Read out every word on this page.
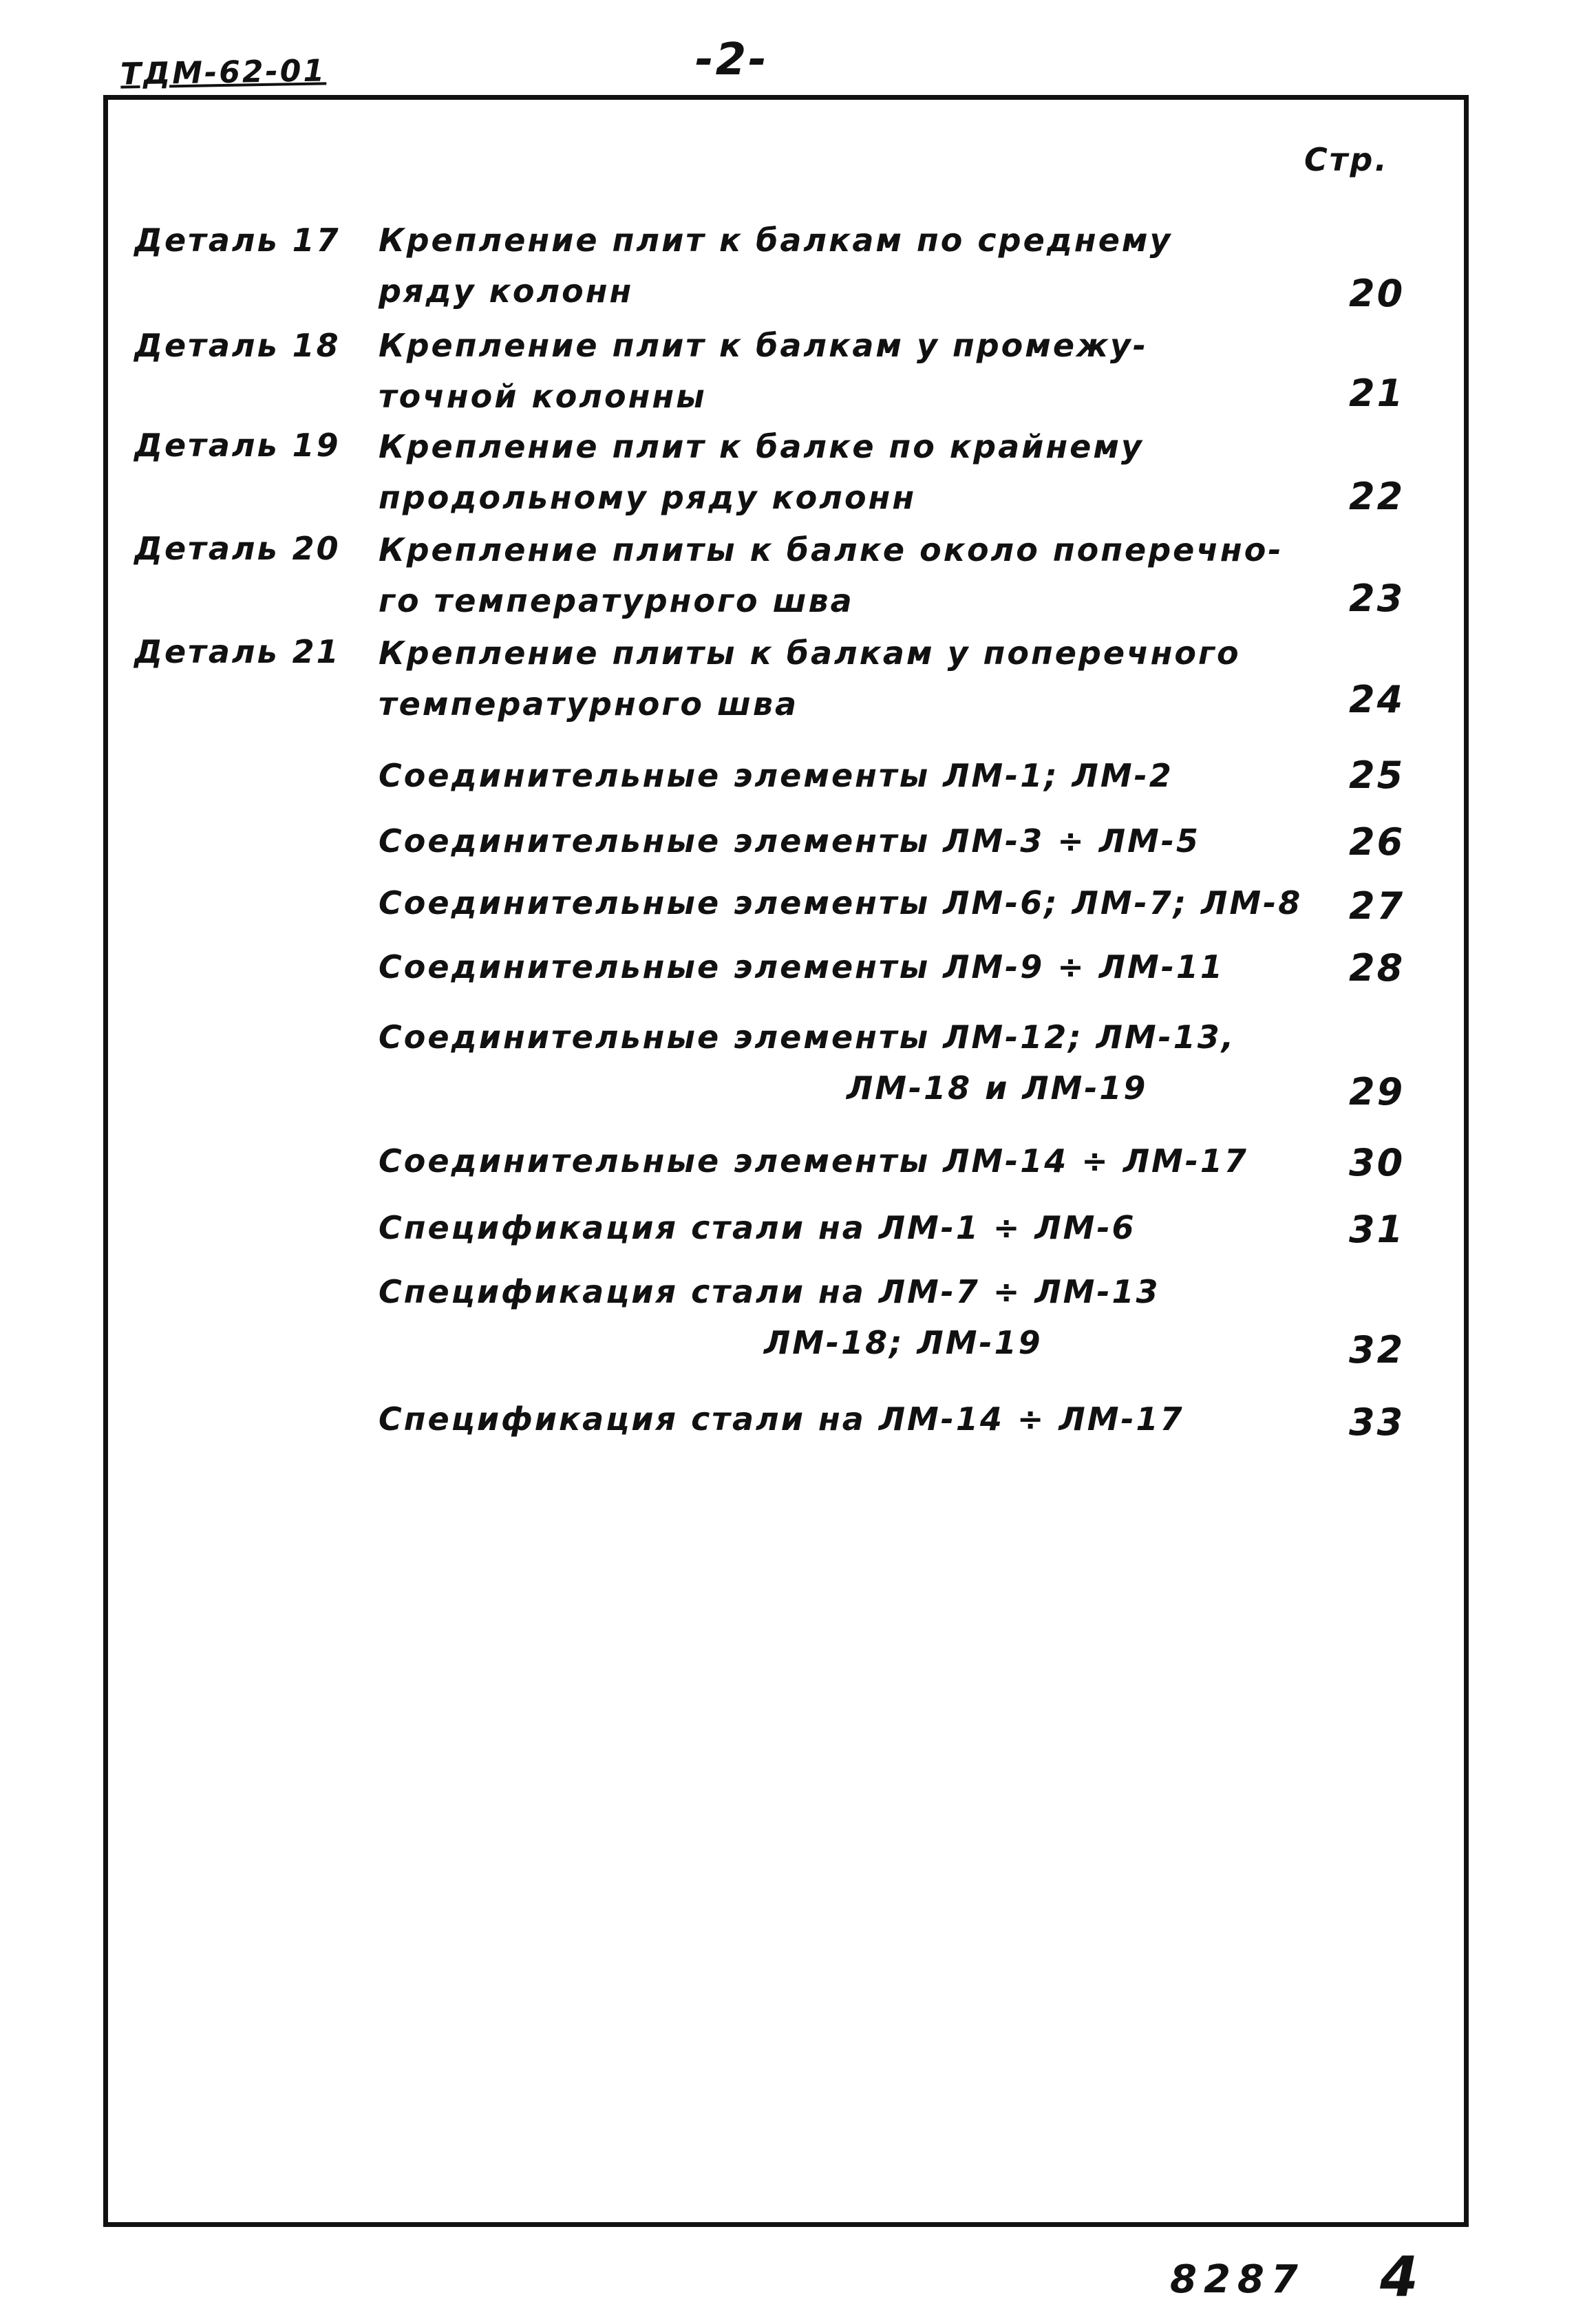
ТДМ-62-01	-2-
Стр.
Деталь 17 Крепление плит к балкам по среднему
ряду колонн	20
Деталь 18 Крепление плит к балкам у промежу-
точной колонны	21
Деталь 19 Крепление плит к балке по крайнему
продольному ряду колонн	22
Деталь 20 Крепление плиты к балке около поперечно-
го температурного шва	23
Деталь 21 Крепление плиты к балкам у поперечного
температурного шва	24
Соединительные элементы ЛМ-1; ЛМ-2	25
Соединительные элементы ЛМ-3 ÷ ЛМ-5	26
Соединительные элементы ЛМ-6; ЛМ-7; ЛМ-8 27
Соединительные элементы ЛМ-9 ÷ ЛМ-11	28
Соединительные элементы ЛМ-12; ЛМ-13,
ЛМ-18 и ЛМ-19	29
Соединительные элементы ЛМ-14 ÷ ЛМ-17	30
Спецификация стали на ЛМ-1 ÷ ЛМ-6	31
Спецификация стали на ЛМ-7 ÷ ЛМ-13
ЛМ-18; ЛМ-19	32
Спецификация стали на ЛМ-14 ÷ ЛМ-17	33
8287 4
